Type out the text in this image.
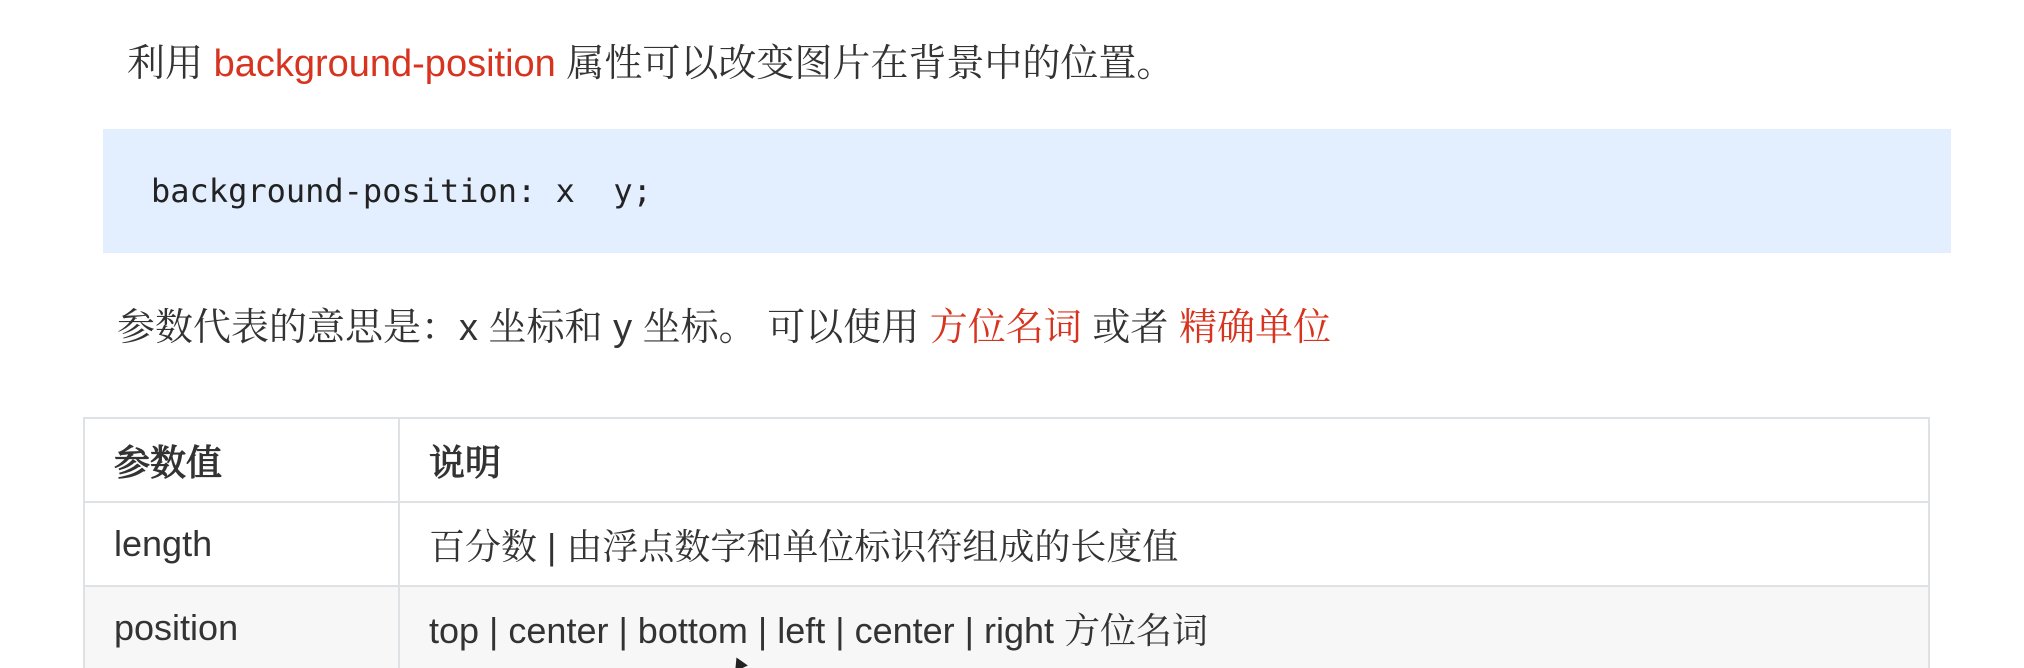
利用 background-position 属性可以改变图片在背景中的位置。
background-position: x  y;
参数代表的意思是：x 坐标和 y 坐标。 可以使用 方位名词 或者 精确单位
参数值	说明
length	百分数 | 由浮点数字和单位标识符组成的长度值
position	top | center | bottom | left | center | right 方位名词
